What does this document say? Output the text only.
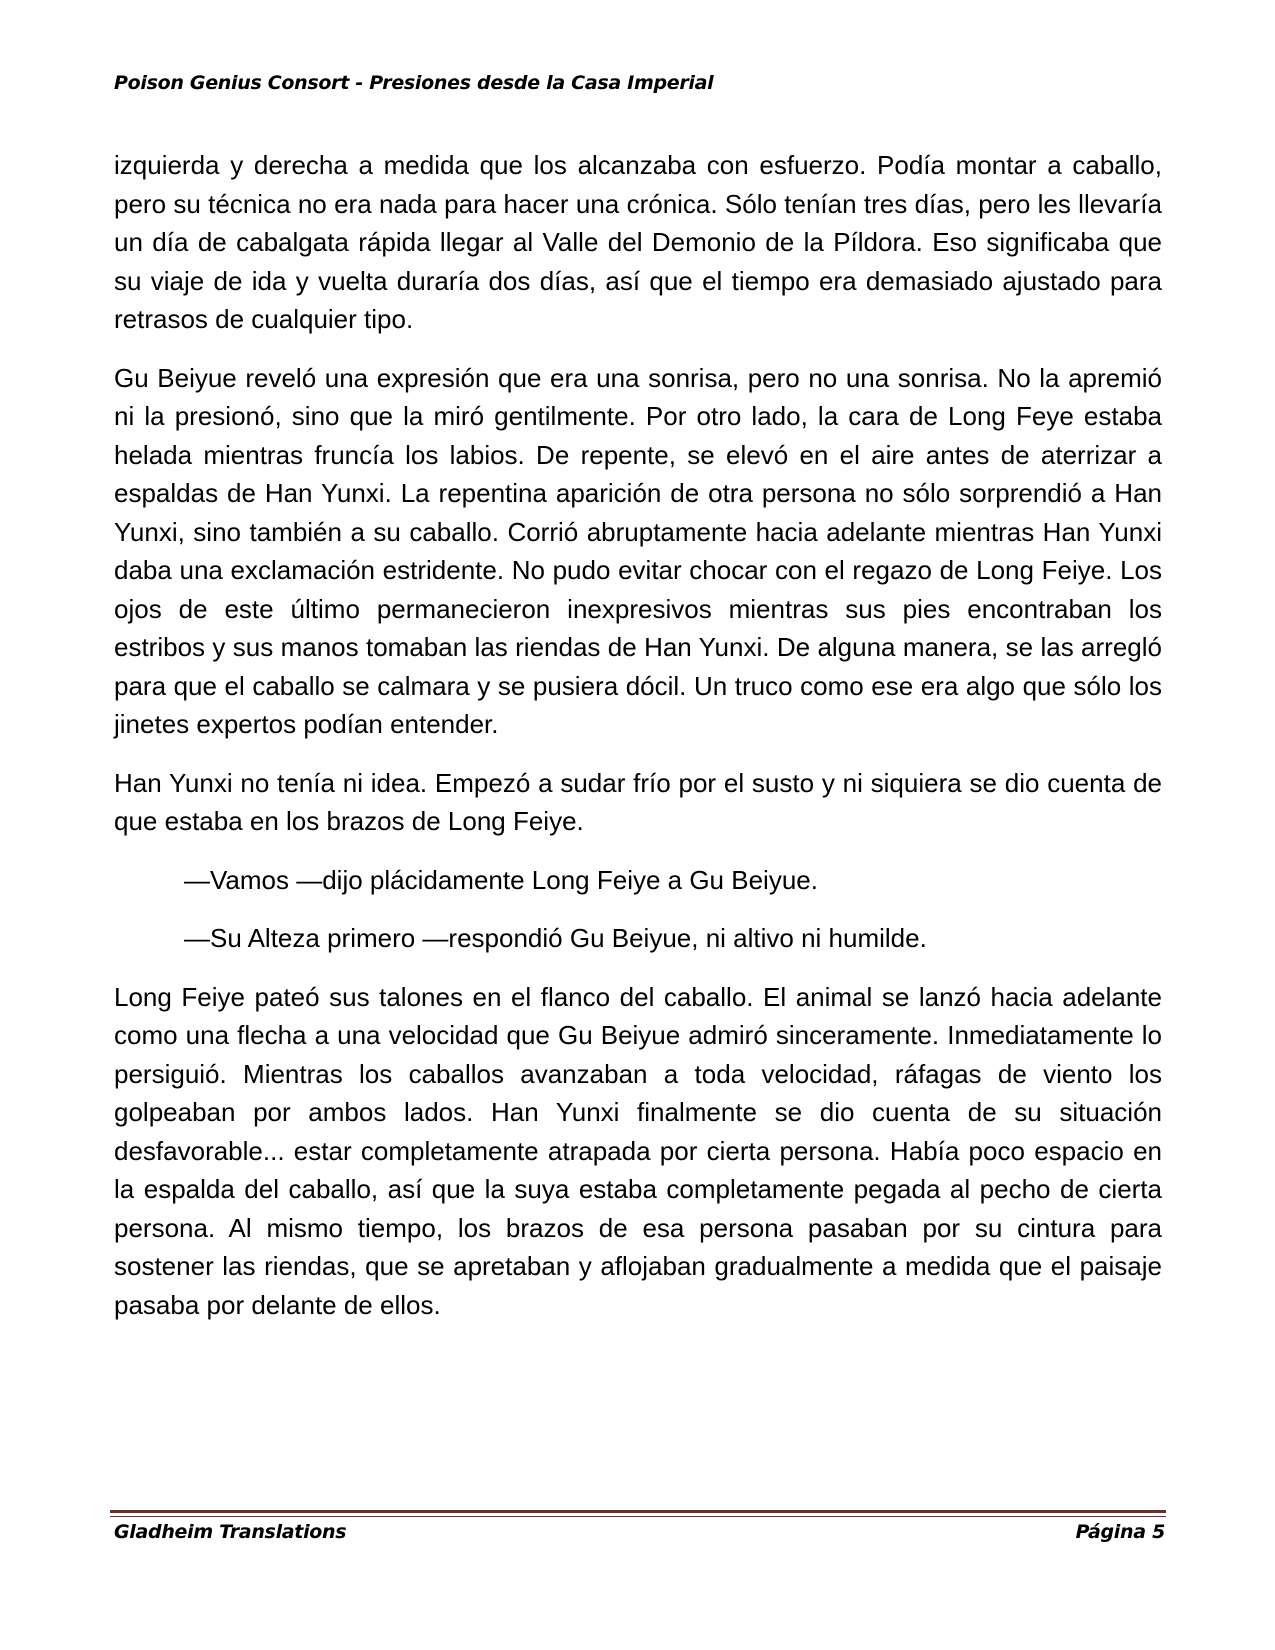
Poison Genius Consort - Presiones desde la Casa Imperial

izquierda y derecha a medida que los alcanzaba con esfuerzo. Podía montar a caballo, pero su técnica no era nada para hacer una crónica. Sólo tenían tres días, pero les llevaría un día de cabalgata rápida llegar al Valle del Demonio de la Píldora. Eso significaba que su viaje de ida y vuelta duraría dos días, así que el tiempo era demasiado ajustado para retrasos de cualquier tipo.

Gu Beiyue reveló una expresión que era una sonrisa, pero no una sonrisa. No la apremió ni la presionó, sino que la miró gentilmente. Por otro lado, la cara de Long Feye estaba helada mientras fruncía los labios. De repente, se elevó en el aire antes de aterrizar a espaldas de Han Yunxi. La repentina aparición de otra persona no sólo sorprendió a Han Yunxi, sino también a su caballo. Corrió abruptamente hacia adelante mientras Han Yunxi daba una exclamación estridente. No pudo evitar chocar con el regazo de Long Feiye. Los ojos de este último permanecieron inexpresivos mientras sus pies encontraban los estribos y sus manos tomaban las riendas de Han Yunxi. De alguna manera, se las arregló para que el caballo se calmara y se pusiera dócil. Un truco como ese era algo que sólo los jinetes expertos podían entender.

Han Yunxi no tenía ni idea. Empezó a sudar frío por el susto y ni siquiera se dio cuenta de que estaba en los brazos de Long Feiye.

—Vamos —dijo plácidamente Long Feiye a Gu Beiyue.

—Su Alteza primero —respondió Gu Beiyue, ni altivo ni humilde.

Long Feiye pateó sus talones en el flanco del caballo. El animal se lanzó hacia adelante como una flecha a una velocidad que Gu Beiyue admiró sinceramente. Inmediatamente lo persiguió. Mientras los caballos avanzaban a toda velocidad, ráfagas de viento los golpeaban por ambos lados. Han Yunxi finalmente se dio cuenta de su situación desfavorable... estar completamente atrapada por cierta persona. Había poco espacio en la espalda del caballo, así que la suya estaba completamente pegada al pecho de cierta persona. Al mismo tiempo, los brazos de esa persona pasaban por su cintura para sostener las riendas, que se apretaban y aflojaban gradualmente a medida que el paisaje pasaba por delante de ellos.

Gladheim Translations	Página 5
